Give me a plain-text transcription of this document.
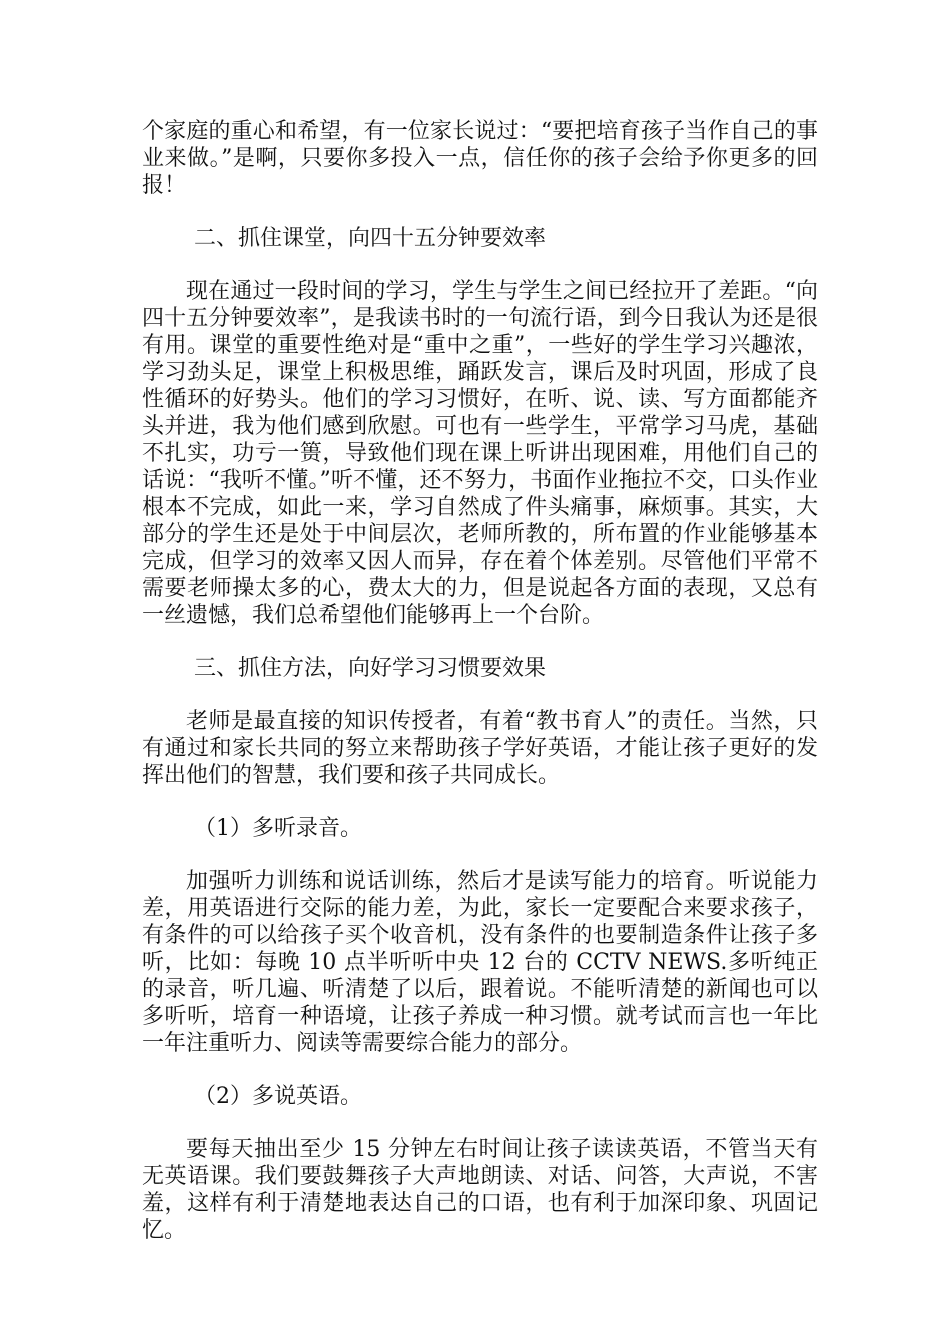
个家庭的重心和希望，有一位家长说过：“要把培育孩子当作自己的事业来做。”是啊，只要你多投入一点，信任你的孩子会给予你更多的回报！

二、抓住课堂，向四十五分钟要效率

现在通过一段时间的学习，学生与学生之间已经拉开了差距。“向四十五分钟要效率”，是我读书时的一句流行语，到今日我认为还是很有用。课堂的重要性绝对是“重中之重”，一些好的学生学习兴趣浓，学习劲头足，课堂上积极思维，踊跃发言，课后及时巩固，形成了良性循环的好势头。他们的学习习惯好，在听、说、读、写方面都能齐头并进，我为他们感到欣慰。可也有一些学生，平常学习马虎，基础不扎实，功亏一篑，导致他们现在课上听讲出现困难，用他们自己的话说：“我听不懂。”听不懂，还不努力，书面作业拖拉不交，口头作业根本不完成，如此一来，学习自然成了件头痛事，麻烦事。其实，大部分的学生还是处于中间层次，老师所教的，所布置的作业能够基本完成，但学习的效率又因人而异，存在着个体差别。尽管他们平常不需要老师操太多的心，费太大的力，但是说起各方面的表现，又总有一丝遗憾，我们总希望他们能够再上一个台阶。

三、抓住方法，向好学习习惯要效果

老师是最直接的知识传授者，有着“教书育人”的责任。当然，只有通过和家长共同的努立来帮助孩子学好英语，才能让孩子更好的发挥出他们的智慧，我们要和孩子共同成长。

（1）多听录音。

加强听力训练和说话训练，然后才是读写能力的培育。听说能力差，用英语进行交际的能力差，为此，家长一定要配合来要求孩子，有条件的可以给孩子买个收音机，没有条件的也要制造条件让孩子多听，比如：每晚 10 点半听听中央 12 台的 CCTV NEWS.多听纯正的录音，听几遍、听清楚了以后，跟着说。不能听清楚的新闻也可以多听听，培育一种语境，让孩子养成一种习惯。就考试而言也一年比一年注重听力、阅读等需要综合能力的部分。

（2）多说英语。

要每天抽出至少 15 分钟左右时间让孩子读读英语，不管当天有无英语课。我们要鼓舞孩子大声地朗读、对话、问答，大声说，不害羞，这样有利于清楚地表达自己的口语，也有利于加深印象、巩固记忆。
